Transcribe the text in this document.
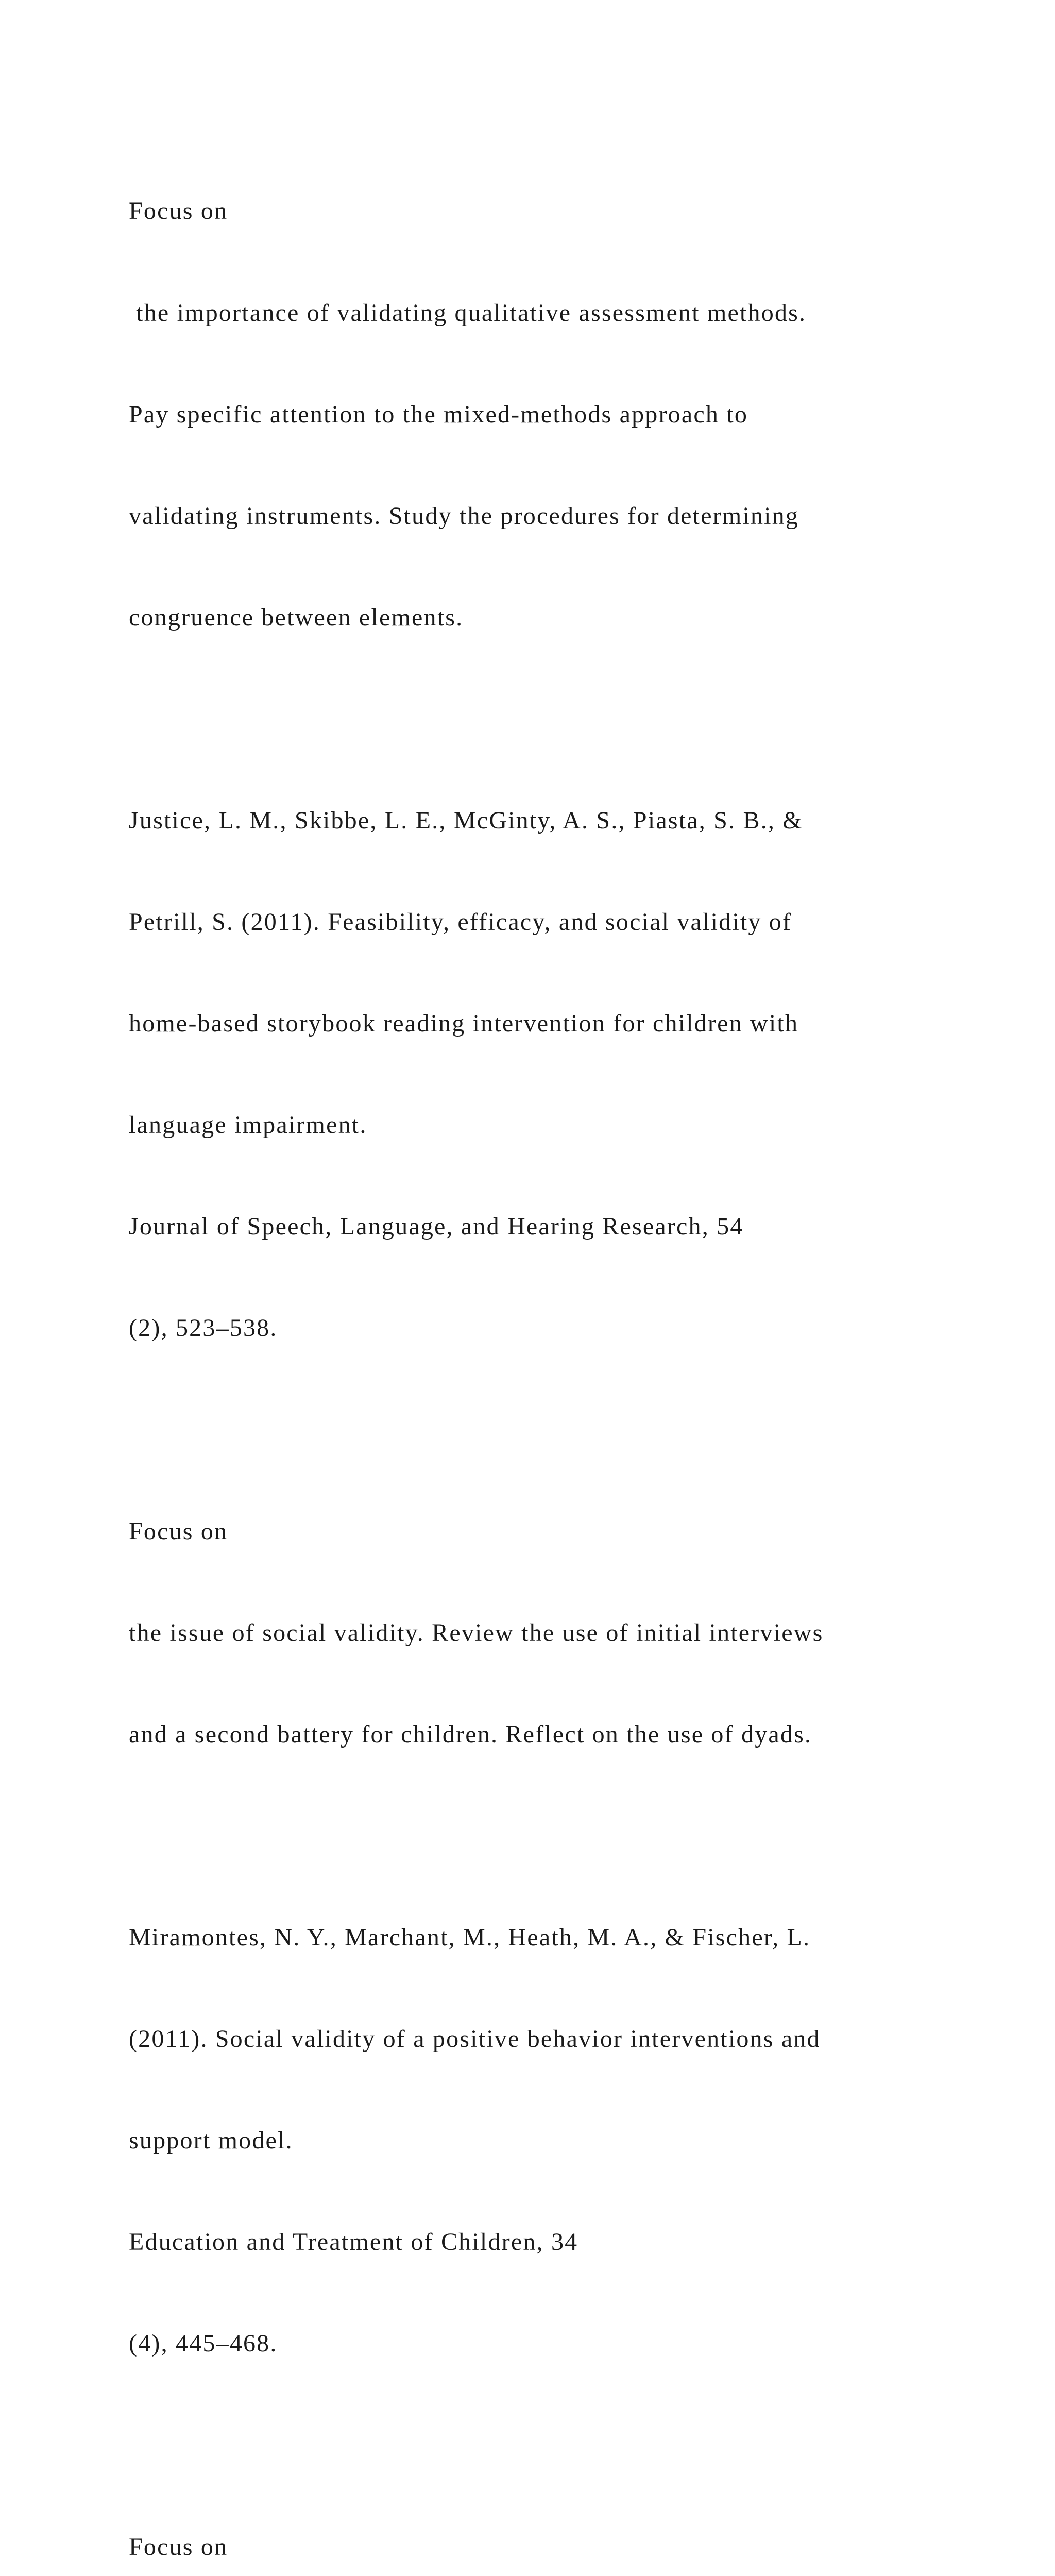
Focus on

the importance of validating qualitative assessment methods.

Pay specific attention to the mixed-methods approach to

validating instruments. Study the procedures for determining

congruence between elements.

Justice, L. M., Skibbe, L. E., McGinty, A. S., Piasta, S. B., &

Petrill, S. (2011). Feasibility, efficacy, and social validity of

home-based storybook reading intervention for children with

language impairment.

Journal of Speech, Language, and Hearing Research, 54

(2), 523–538.

Focus on

the issue of social validity. Review the use of initial interviews

and a second battery for children. Reflect on the use of dyads.

Miramontes, N. Y., Marchant, M., Heath, M. A., & Fischer, L.

(2011). Social validity of a positive behavior interventions and

support model.

Education and Treatment of Children, 34

(4), 445–468.

Focus on
